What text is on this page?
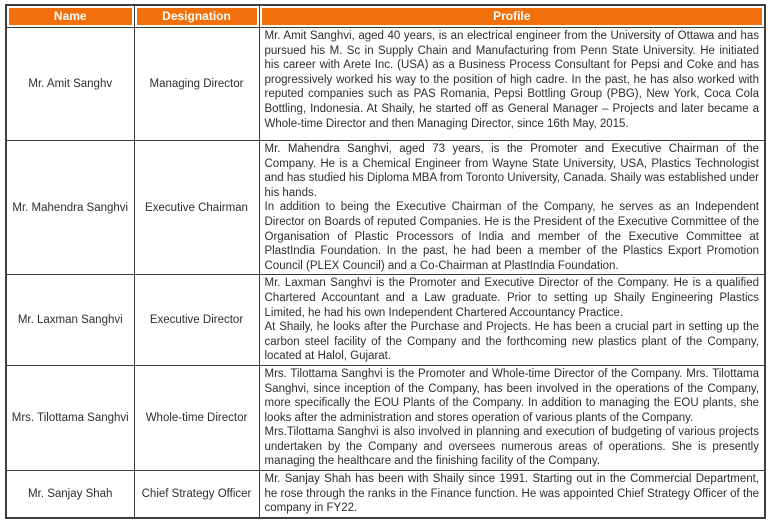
Name	Designation	Profile

Mr. Amit Sanghv	Managing Director	Mr. Amit Sanghvi, aged 40 years, is an electrical engineer from the University of Ottawa and has pursued his M. Sc in Supply Chain and Manufacturing from Penn State University. He initiated his career with Arete Inc. (USA) as a Business Process Consultant for Pepsi and Coke and has progressively worked his way to the position of high cadre. In the past, he has also worked with reputed companies such as PAS Romania, Pepsi Bottling Group (PBG), New York, Coca Cola Bottling, Indonesia. At Shaily, he started off as General Manager – Projects and later became a Whole-time Director and then Managing Director, since 16th May, 2015.

Mr. Mahendra Sanghvi	Executive Chairman	Mr. Mahendra Sanghvi, aged 73 years, is the Promoter and Executive Chairman of the Company. He is a Chemical Engineer from Wayne State University, USA, Plastics Technologist and has studied his Diploma MBA from Toronto University, Canada. Shaily was established under his hands.

In addition to being the Executive Chairman of the Company, he serves as an Independent Director on Boards of reputed Companies. He is the President of the Executive Committee of the Organisation of Plastic Processors of India and member of the Executive Committee at PlastIndia Foundation. In the past, he had been a member of the Plastics Export Promotion Council (PLEX Council) and a Co-Chairman at PlastIndia Foundation.

Mr. Laxman Sanghvi	Executive Director	Mr. Laxman Sanghvi is the Promoter and Executive Director of the Company. He is a qualified Chartered Accountant and a Law graduate. Prior to setting up Shaily Engineering Plastics Limited, he had his own Independent Chartered Accountancy Practice.

At Shaily, he looks after the Purchase and Projects. He has been a crucial part in setting up the carbon steel facility of the Company and the forthcoming new plastics plant of the Company, located at Halol, Gujarat.

Mrs. Tilottama Sanghvi	Whole-time Director	Mrs. Tilottama Sanghvi is the Promoter and Whole-time Director of the Company. Mrs. Tilottama Sanghvi, since inception of the Company, has been involved in the operations of the Company, more specifically the EOU Plants of the Company. In addition to managing the EOU plants, she looks after the administration and stores operation of various plants of the Company.

Mrs.Tilottama Sanghvi is also involved in planning and execution of budgeting of various projects undertaken by the Company and oversees numerous areas of operations. She is presently managing the healthcare and the finishing facility of the Company.

Mr. Sanjay Shah	Chief Strategy Officer	Mr. Sanjay Shah has been with Shaily since 1991. Starting out in the Commercial Department, he rose through the ranks in the Finance function. He was appointed Chief Strategy Officer of the company in FY22.
